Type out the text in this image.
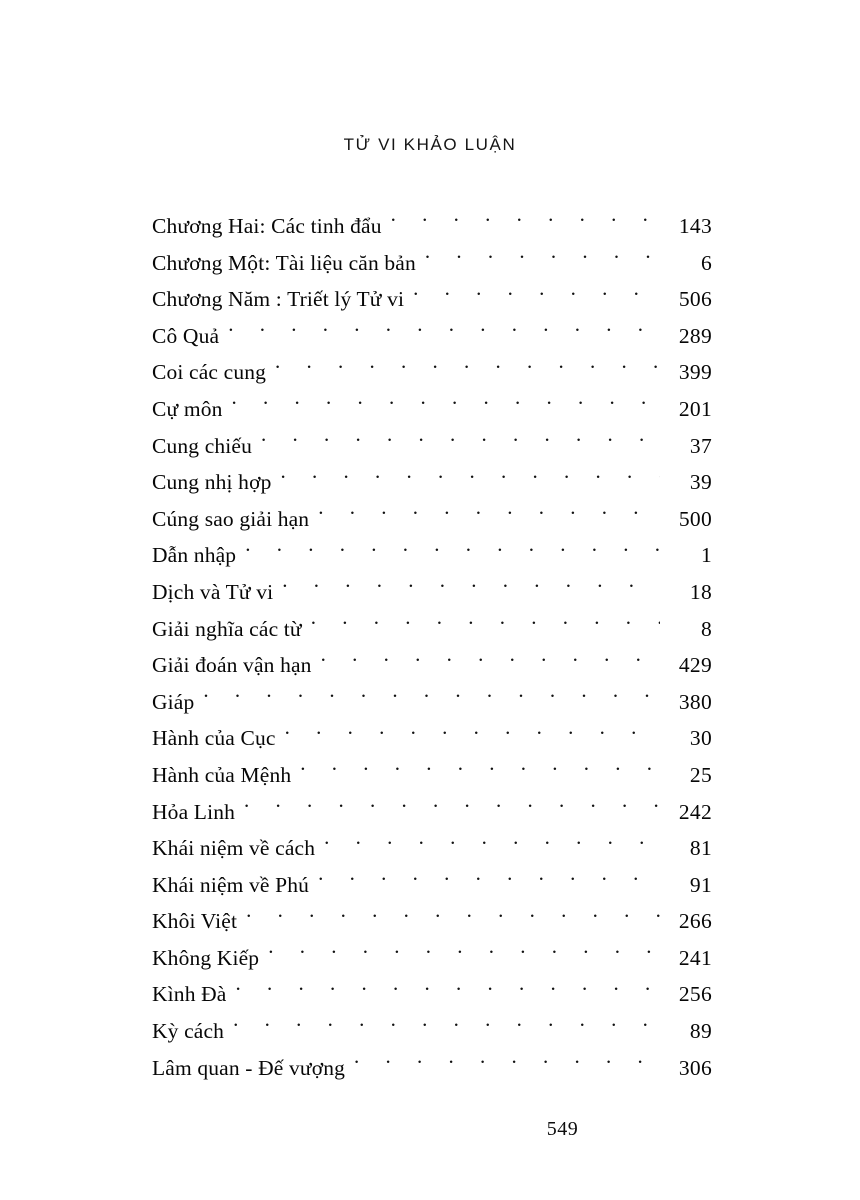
TỬ VI KHẢO LUẬN
Chương Hai: Các tinh đẩu . .	143
Chương Một: Tài liệu căn bản . .	6
Chương Năm : Triết lý Tử vi . .	506
Cô Quả . .	289
Coi các cung . .	399
Cự môn . .	201
Cung chiếu . .	37
Cung nhị hợp . .	39
Cúng sao giải hạn . .	500
Dẫn nhập . .	1
Dịch và Tử vi . .	18
Giải nghĩa các từ . .	8
Giải đoán vận hạn . .	429
Giáp . .	380
Hành của Cục . .	30
Hành của Mệnh . .	25
Hỏa Linh . .	242
Khái niệm về cách . .	81
Khái niệm về Phú . .	91
Khôi Việt . .	266
Không Kiếp . .	241
Kình Đà . .	256
Kỳ cách . .	89
Lâm quan - Đế vượng . .	306
549
